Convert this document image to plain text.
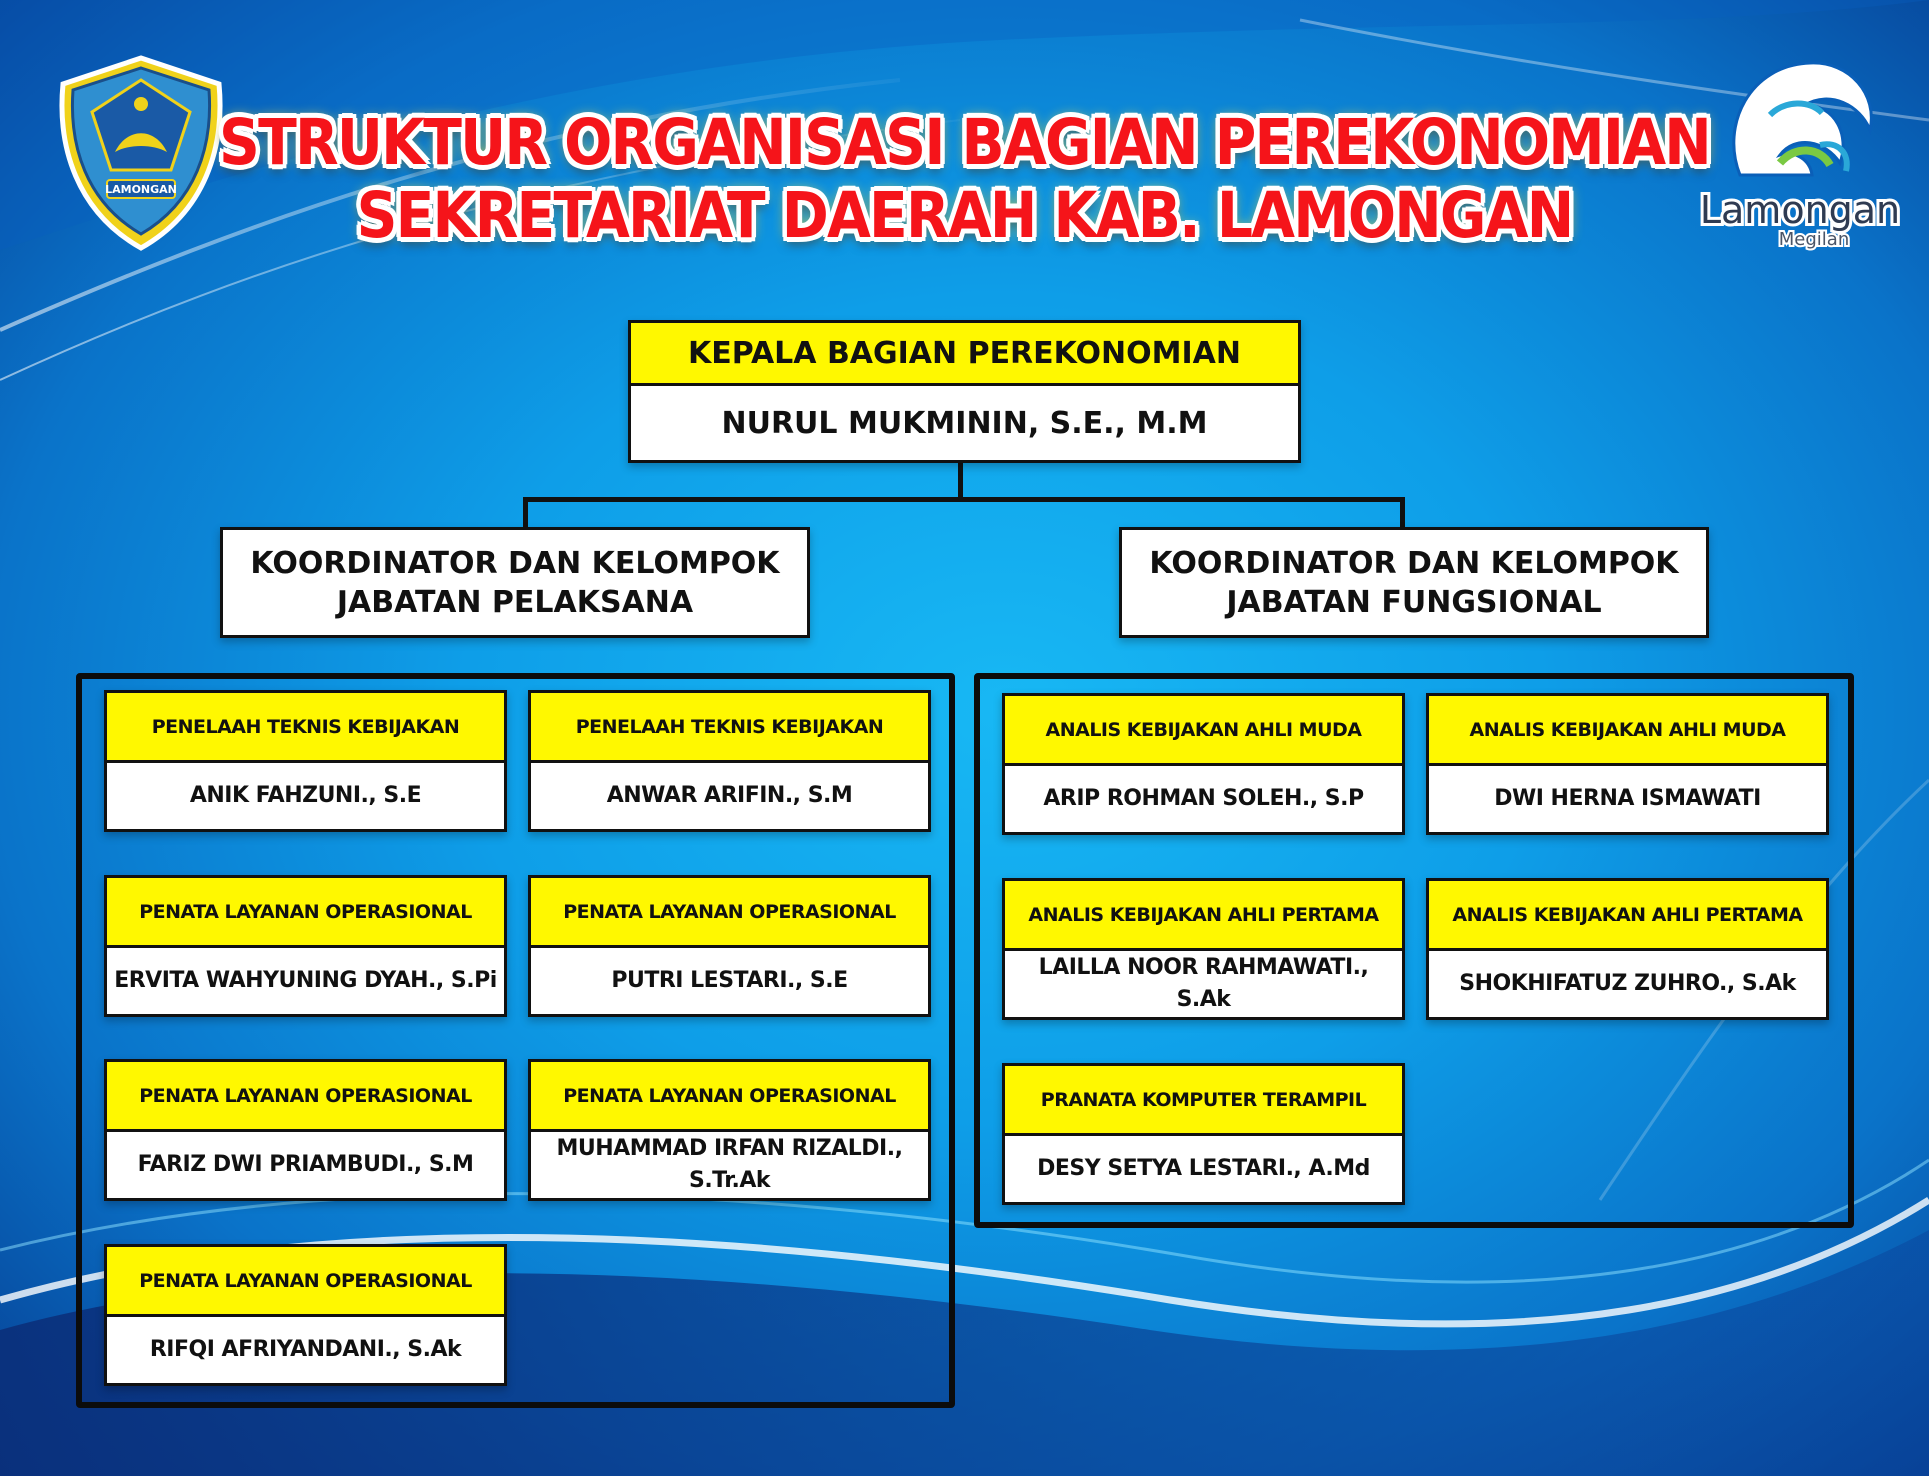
LAMONGAN	Lamongan
Megilan
STRUKTUR ORGANISASI BAGIAN PEREKONOMIAN
SEKRETARIAT DAERAH KAB. LAMONGAN
KEPALA BAGIAN PEREKONOMIAN
NURUL MUKMININ, S.E., M.M
KOORDINATOR DAN KELOMPOK
JABATAN PELAKSANA
KOORDINATOR DAN KELOMPOK
JABATAN FUNGSIONAL
PENELAAH TEKNIS KEBIJAKAN
ANIK FAHZUNI., S.E
PENELAAH TEKNIS KEBIJAKAN
ANWAR ARIFIN., S.M
PENATA LAYANAN OPERASIONAL
ERVITA WAHYUNING DYAH., S.Pi
PENATA LAYANAN OPERASIONAL
PUTRI LESTARI., S.E
PENATA LAYANAN OPERASIONAL
FARIZ DWI PRIAMBUDI., S.M
PENATA LAYANAN OPERASIONAL
MUHAMMAD IRFAN RIZALDI., S.Tr.Ak
PENATA LAYANAN OPERASIONAL
RIFQI AFRIYANDANI., S.Ak
ANALIS KEBIJAKAN AHLI MUDA
ARIP ROHMAN SOLEH., S.P
ANALIS KEBIJAKAN AHLI MUDA
DWI HERNA ISMAWATI
ANALIS KEBIJAKAN AHLI PERTAMA
LAILLA NOOR RAHMAWATI., S.Ak
ANALIS KEBIJAKAN AHLI PERTAMA
SHOKHIFATUZ ZUHRO., S.Ak
PRANATA KOMPUTER TERAMPIL
DESY SETYA LESTARI., A.Md
